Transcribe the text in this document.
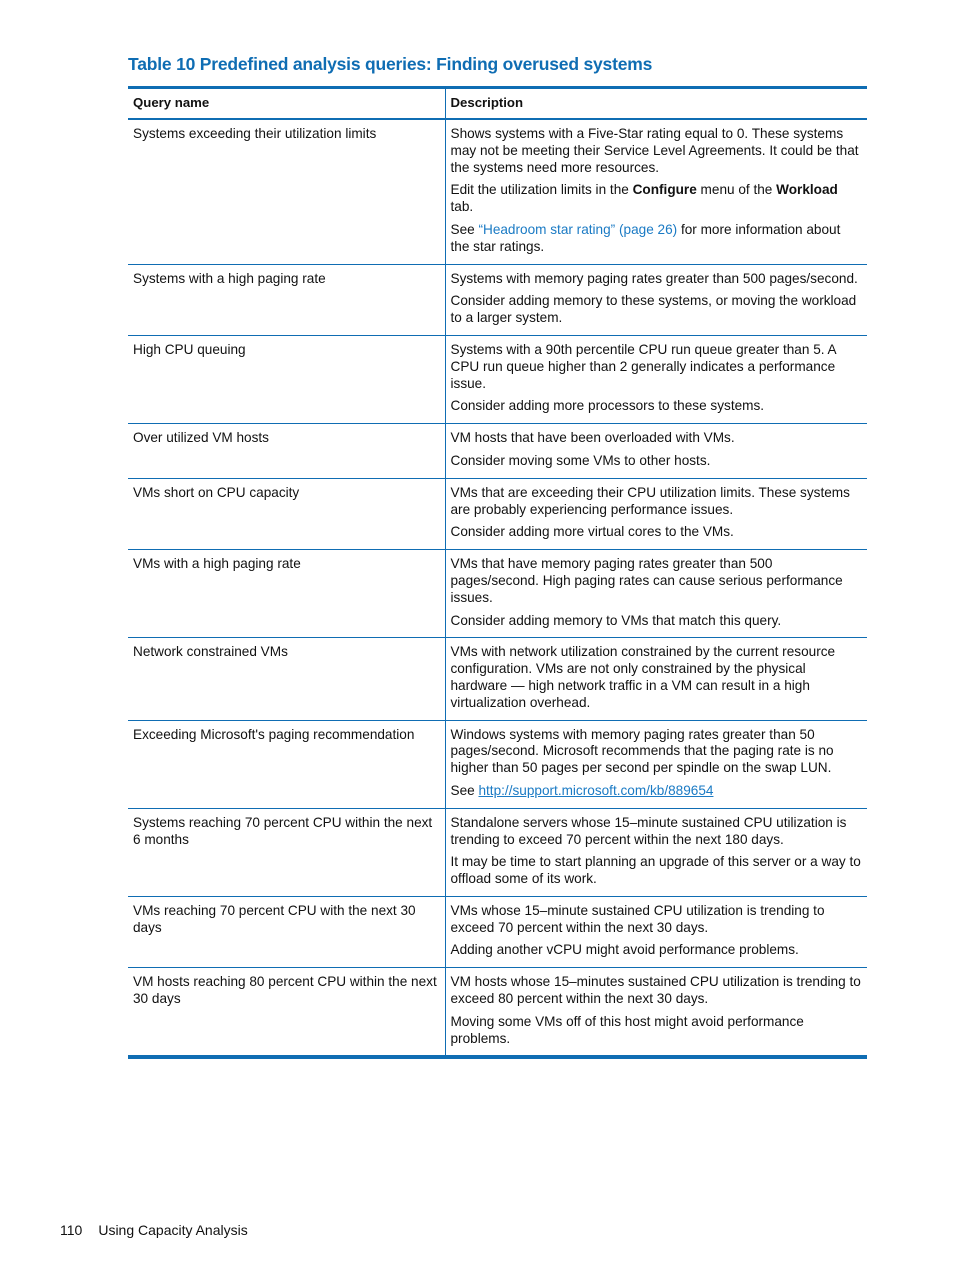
Table 10 Predefined analysis queries: Finding overused systems
Query name	Description
Systems exceeding their utilization limits	Shows systems with a Five-Star rating equal to 0. These systems may not be meeting their Service Level Agreements. It could be that the systems need more resources.

Edit the utilization limits in the Configure menu of the Workload tab.

See “Headroom star rating” (page 26) for more information about the star ratings.

Systems with a high paging rate	Systems with memory paging rates greater than 500 pages/second.

Consider adding memory to these systems, or moving the workload to a larger system.

High CPU queuing	Systems with a 90th percentile CPU run queue greater than 5. A CPU run queue higher than 2 generally indicates a performance issue.

Consider adding more processors to these systems.

Over utilized VM hosts	VM hosts that have been overloaded with VMs.

Consider moving some VMs to other hosts.

VMs short on CPU capacity	VMs that are exceeding their CPU utilization limits. These systems are probably experiencing performance issues.

Consider adding more virtual cores to the VMs.

VMs with a high paging rate	VMs that have memory paging rates greater than 500 pages/second. High paging rates can cause serious performance issues.

Consider adding memory to VMs that match this query.

Network constrained VMs	VMs with network utilization constrained by the current resource configuration. VMs are not only constrained by the physical hardware — high network traffic in a VM can result in a high virtualization overhead.

Exceeding Microsoft's paging recommendation	Windows systems with memory paging rates greater than 50 pages/second. Microsoft recommends that the paging rate is no higher than 50 pages per second per spindle on the swap LUN.

See http://support.microsoft.com/kb/889654

Systems reaching 70 percent CPU within the next 6 months	Standalone servers whose 15–minute sustained CPU utilization is trending to exceed 70 percent within the next 180 days.

It may be time to start planning an upgrade of this server or a way to offload some of its work.

VMs reaching 70 percent CPU with the next 30 days	VMs whose 15–minute sustained CPU utilization is trending to exceed 70 percent within the next 30 days.

Adding another vCPU might avoid performance problems.

VM hosts reaching 80 percent CPU within the next 30 days	VM hosts whose 15–minutes sustained CPU utilization is trending to exceed 80 percent within the next 30 days.

Moving some VMs off of this host might avoid performance problems.

110 Using Capacity Analysis
